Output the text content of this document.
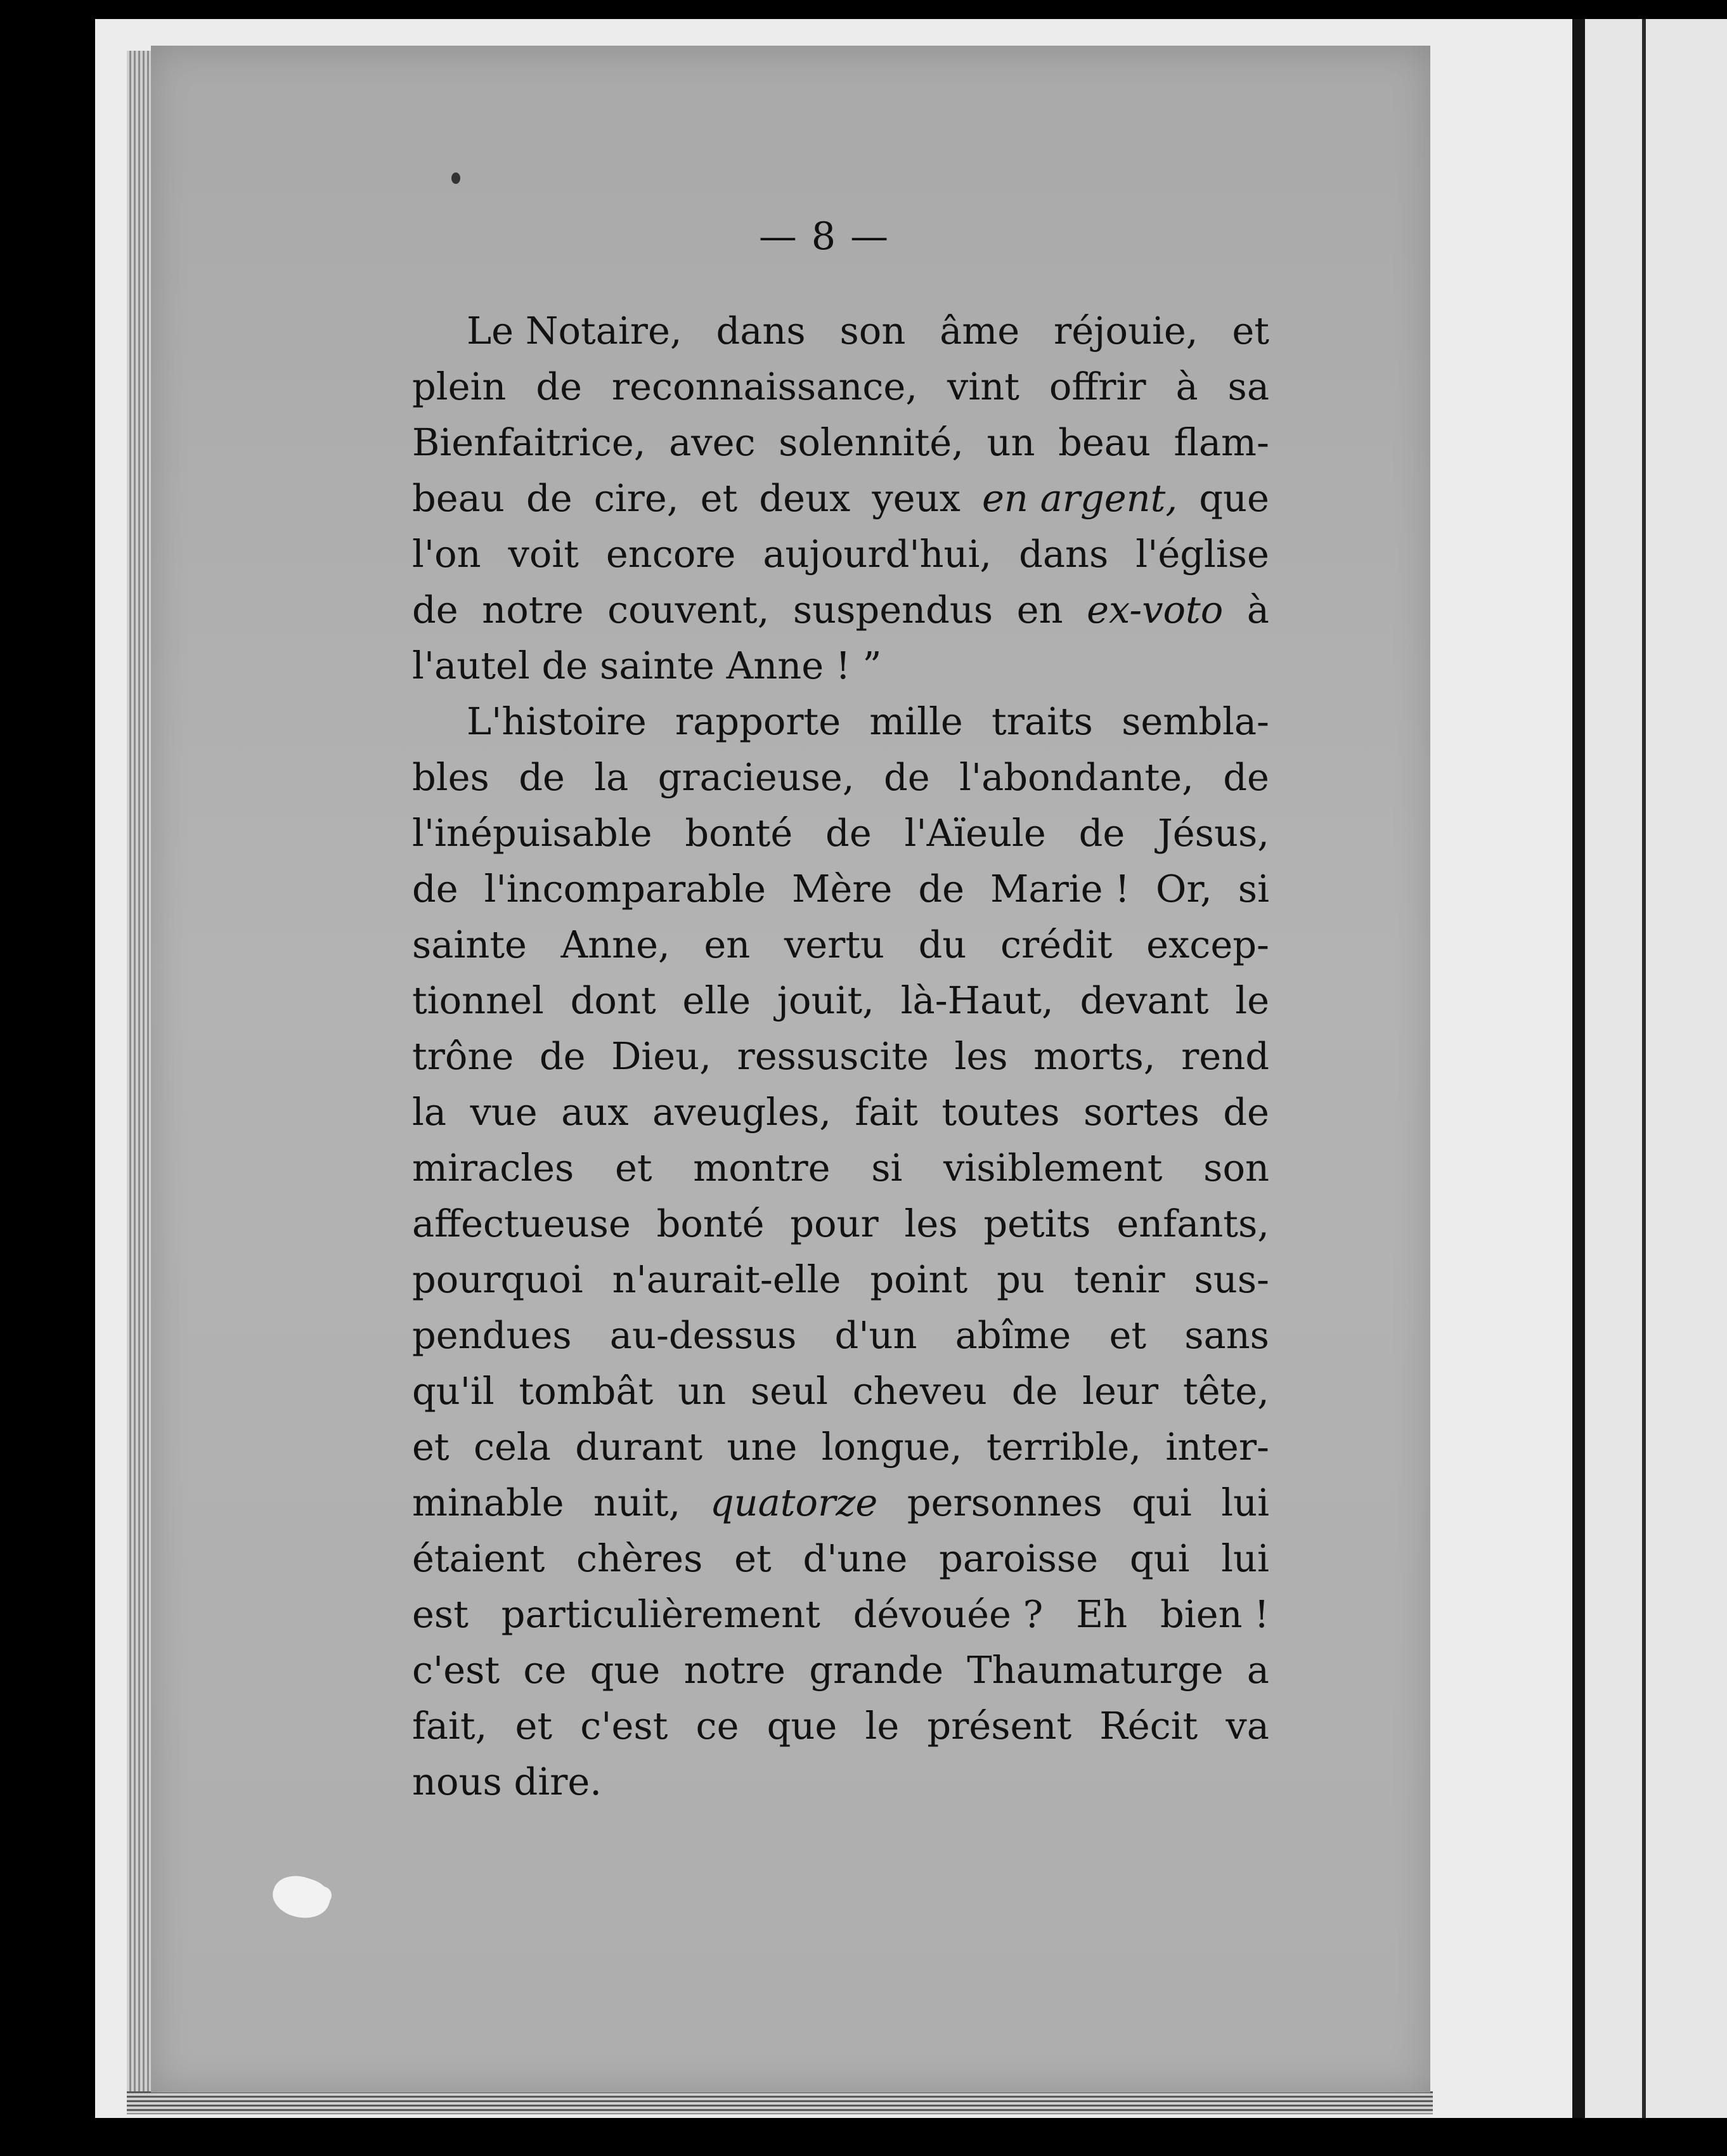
— 8 —
Le Notaire, dans son âme réjouie, et
plein de reconnaissance, vint offrir à sa
Bienfaitrice, avec solennité, un beau flam-
beau de cire, et deux yeux en argent, que
l'on voit encore aujourd'hui, dans l'église
de notre couvent, suspendus en ex-voto à
l'autel de sainte Anne ! ”
L'histoire rapporte mille traits sembla-
bles de la gracieuse, de l'abondante, de
l'inépuisable bonté de l'Aïeule de Jésus,
de l'incomparable Mère de Marie ! Or, si
sainte Anne, en vertu du crédit excep-
tionnel dont elle jouit, là-Haut, devant le
trône de Dieu, ressuscite les morts, rend
la vue aux aveugles, fait toutes sortes de
miracles et montre si visiblement son
affectueuse bonté pour les petits enfants,
pourquoi n'aurait-elle point pu tenir sus-
pendues au-dessus d'un abîme et sans
qu'il tombât un seul cheveu de leur tête,
et cela durant une longue, terrible, inter-
minable nuit, quatorze personnes qui lui
étaient chères et d'une paroisse qui lui
est particulièrement dévouée ? Eh bien !
c'est ce que notre grande Thaumaturge a
fait, et c'est ce que le présent Récit va
nous dire.
